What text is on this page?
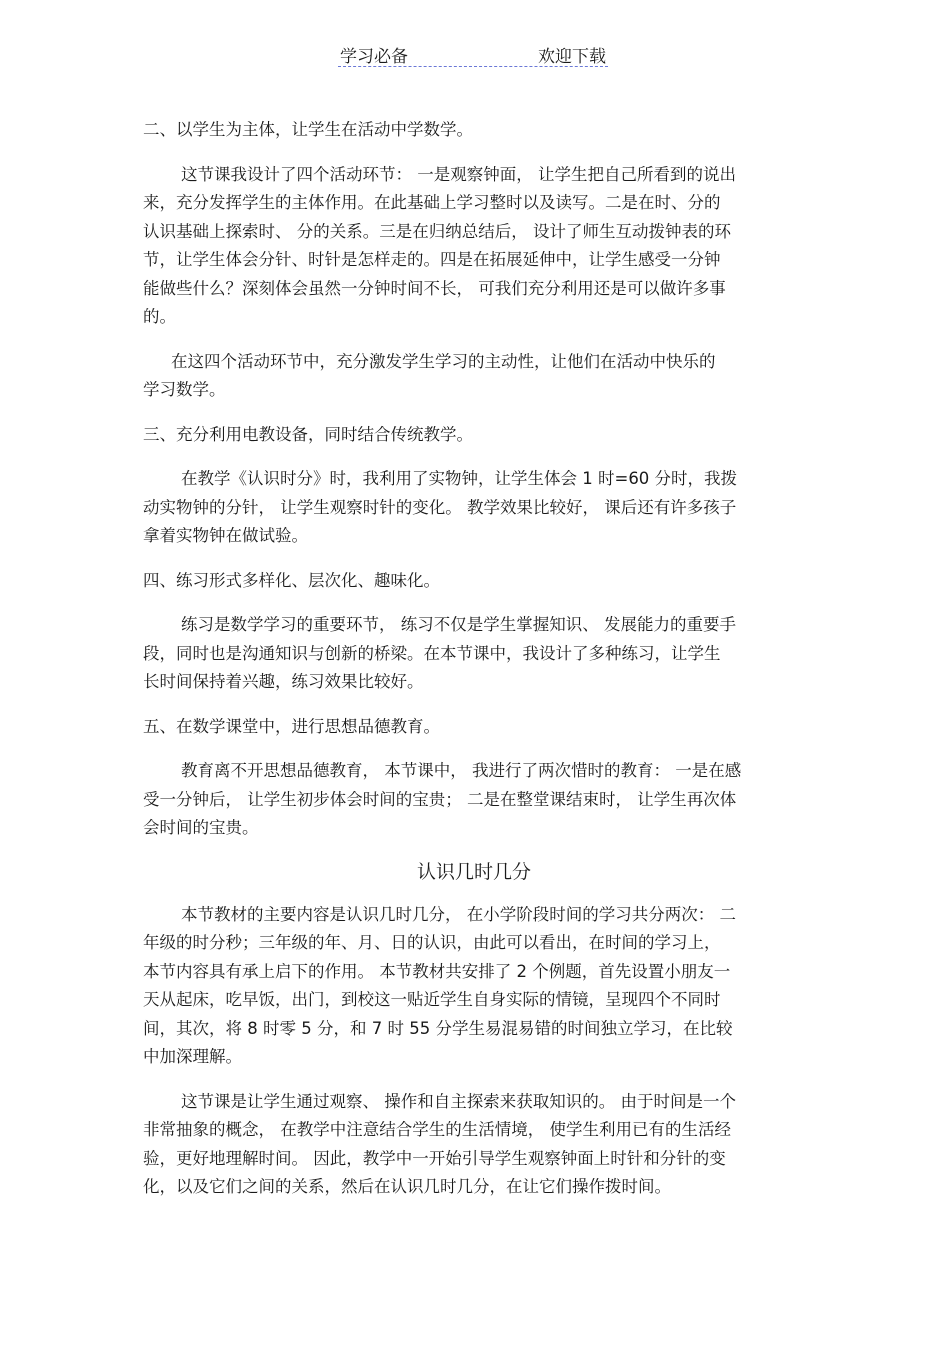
学习必备	欢迎下载
二、以学生为主体，让学生在活动中学数学。
这节课我设计了四个活动环节： 一是观察钟面， 让学生把自己所看到的说出
来，充分发挥学生的主体作用。在此基础上学习整时以及读写。二是在时、分的
认识基础上探索时、 分的关系。三是在归纳总结后， 设计了师生互动拨钟表的环
节，让学生体会分针、时针是怎样走的。四是在拓展延伸中，让学生感受一分钟
能做些什么？深刻体会虽然一分钟时间不长， 可我们充分利用还是可以做许多事
的。
在这四个活动环节中，充分激发学生学习的主动性，让他们在活动中快乐的
学习数学。
三、充分利用电教设备，同时结合传统教学。
在教学《认识时分》时，我利用了实物钟，让学生体会 1 时=60 分时，我拨
动实物钟的分针， 让学生观察时针的变化。 教学效果比较好， 课后还有许多孩子
拿着实物钟在做试验。
四、练习形式多样化、层次化、趣味化。
练习是数学学习的重要环节， 练习不仅是学生掌握知识、 发展能力的重要手
段，同时也是沟通知识与创新的桥梁。在本节课中，我设计了多种练习，让学生
长时间保持着兴趣，练习效果比较好。
五、在数学课堂中，进行思想品德教育。
教育离不开思想品德教育， 本节课中， 我进行了两次惜时的教育： 一是在感
受一分钟后， 让学生初步体会时间的宝贵； 二是在整堂课结束时， 让学生再次体
会时间的宝贵。
认识几时几分
本节教材的主要内容是认识几时几分， 在小学阶段时间的学习共分两次： 二
年级的时分秒；三年级的年、月、日的认识，由此可以看出，在时间的学习上，
本节内容具有承上启下的作用。 本节教材共安排了 2 个例题，首先设置小朋友一
天从起床，吃早饭，出门，到校这一贴近学生自身实际的情镜，呈现四个不同时
间，其次，将 8 时零 5 分，和 7 时 55 分学生易混易错的时间独立学习，在比较
中加深理解。
这节课是让学生通过观察、 操作和自主探索来获取知识的。 由于时间是一个
非常抽象的概念， 在教学中注意结合学生的生活情境， 使学生利用已有的生活经
验，更好地理解时间。 因此，教学中一开始引导学生观察钟面上时针和分针的变
化，以及它们之间的关系，然后在认识几时几分，在让它们操作拨时间。
